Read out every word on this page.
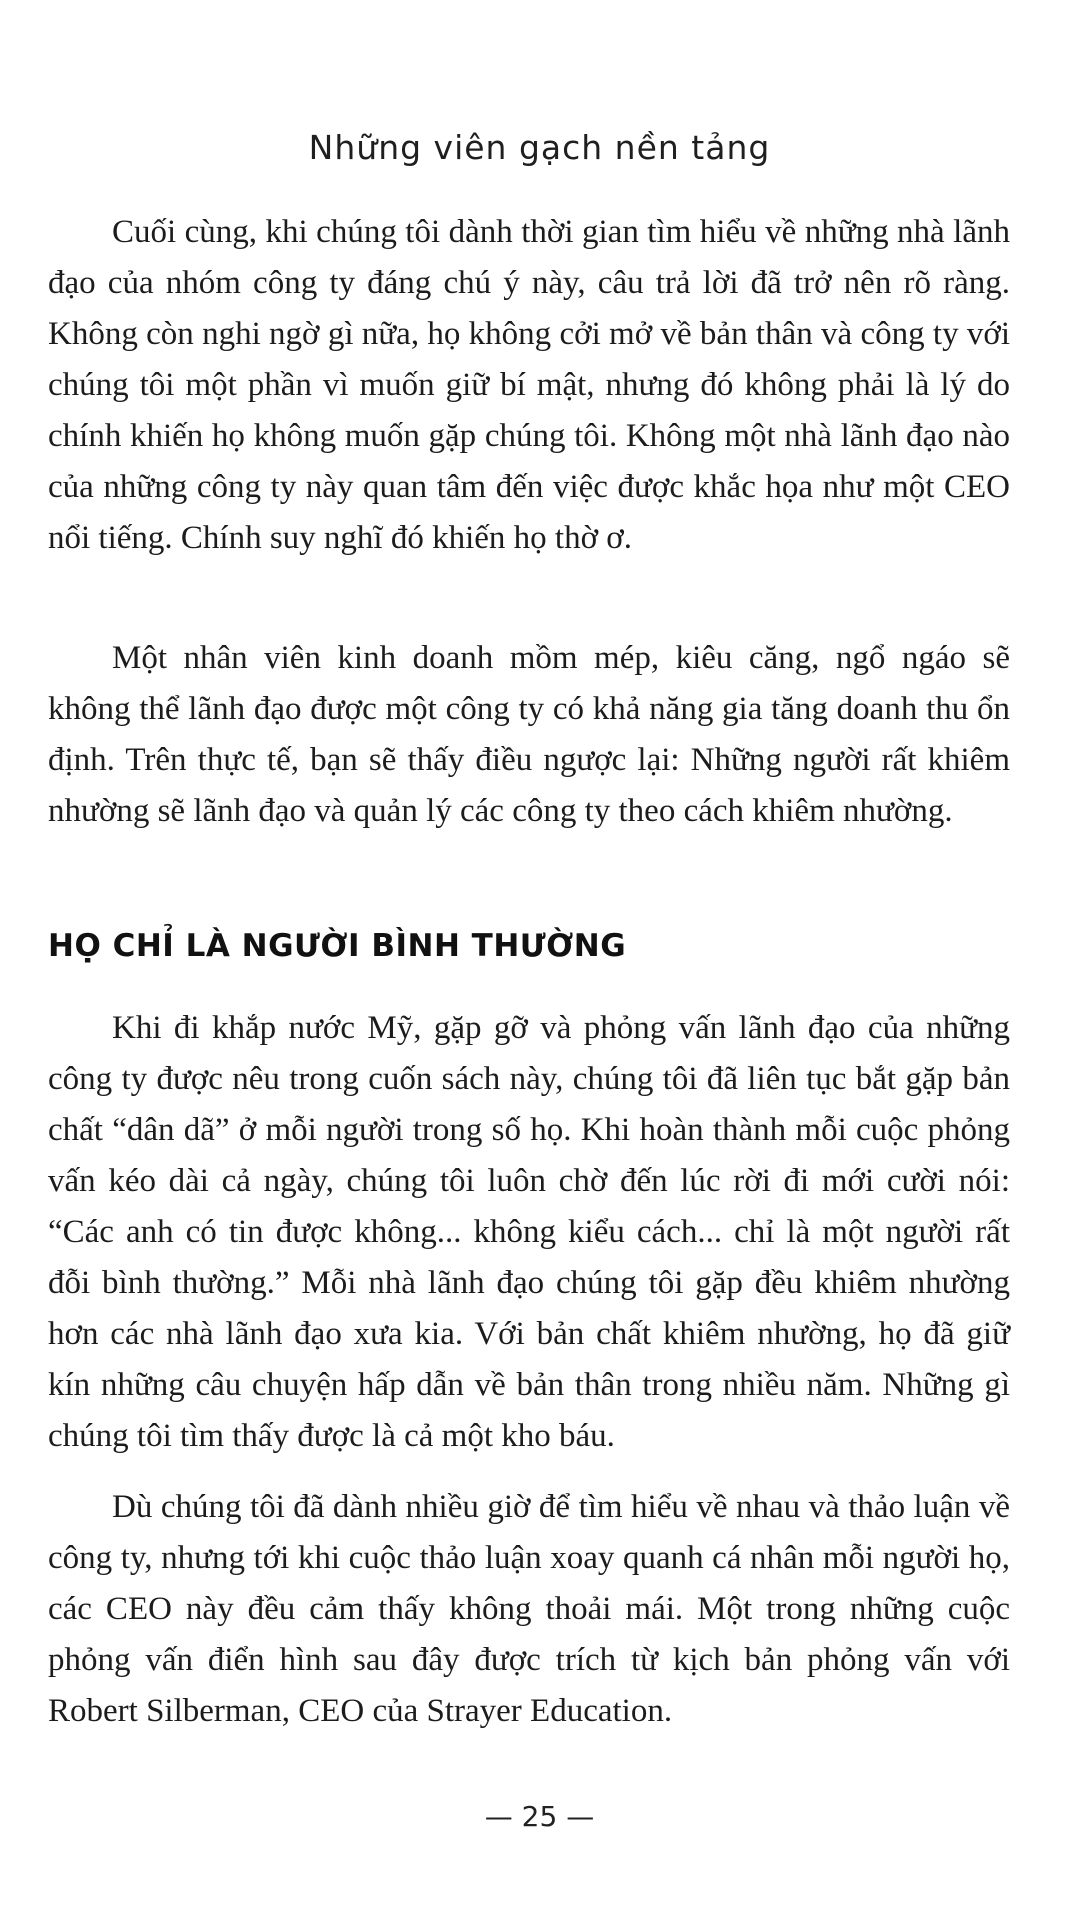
Những viên gạch nền tảng

Cuối cùng, khi chúng tôi dành thời gian tìm hiểu về những nhà lãnh đạo của nhóm công ty đáng chú ý này, câu trả lời đã trở nên rõ ràng. Không còn nghi ngờ gì nữa, họ không cởi mở về bản thân và công ty với chúng tôi một phần vì muốn giữ bí mật, nhưng đó không phải là lý do chính khiến họ không muốn gặp chúng tôi. Không một nhà lãnh đạo nào của những công ty này quan tâm đến việc được khắc họa như một CEO nổi tiếng. Chính suy nghĩ đó khiến họ thờ ơ.

Một nhân viên kinh doanh mồm mép, kiêu căng, ngổ ngáo sẽ không thể lãnh đạo được một công ty có khả năng gia tăng doanh thu ổn định. Trên thực tế, bạn sẽ thấy điều ngược lại: Những người rất khiêm nhường sẽ lãnh đạo và quản lý các công ty theo cách khiêm nhường.

HỌ CHỈ LÀ NGƯỜI BÌNH THƯỜNG

Khi đi khắp nước Mỹ, gặp gỡ và phỏng vấn lãnh đạo của những công ty được nêu trong cuốn sách này, chúng tôi đã liên tục bắt gặp bản chất “dân dã” ở mỗi người trong số họ. Khi hoàn thành mỗi cuộc phỏng vấn kéo dài cả ngày, chúng tôi luôn chờ đến lúc rời đi mới cười nói: “Các anh có tin được không... không kiểu cách... chỉ là một người rất đỗi bình thường.” Mỗi nhà lãnh đạo chúng tôi gặp đều khiêm nhường hơn các nhà lãnh đạo xưa kia. Với bản chất khiêm nhường, họ đã giữ kín những câu chuyện hấp dẫn về bản thân trong nhiều năm. Những gì chúng tôi tìm thấy được là cả một kho báu.

Dù chúng tôi đã dành nhiều giờ để tìm hiểu về nhau và thảo luận về công ty, nhưng tới khi cuộc thảo luận xoay quanh cá nhân mỗi người họ, các CEO này đều cảm thấy không thoải mái. Một trong những cuộc phỏng vấn điển hình sau đây được trích từ kịch bản phỏng vấn với Robert Silberman, CEO của Strayer Education.

— 25 —
